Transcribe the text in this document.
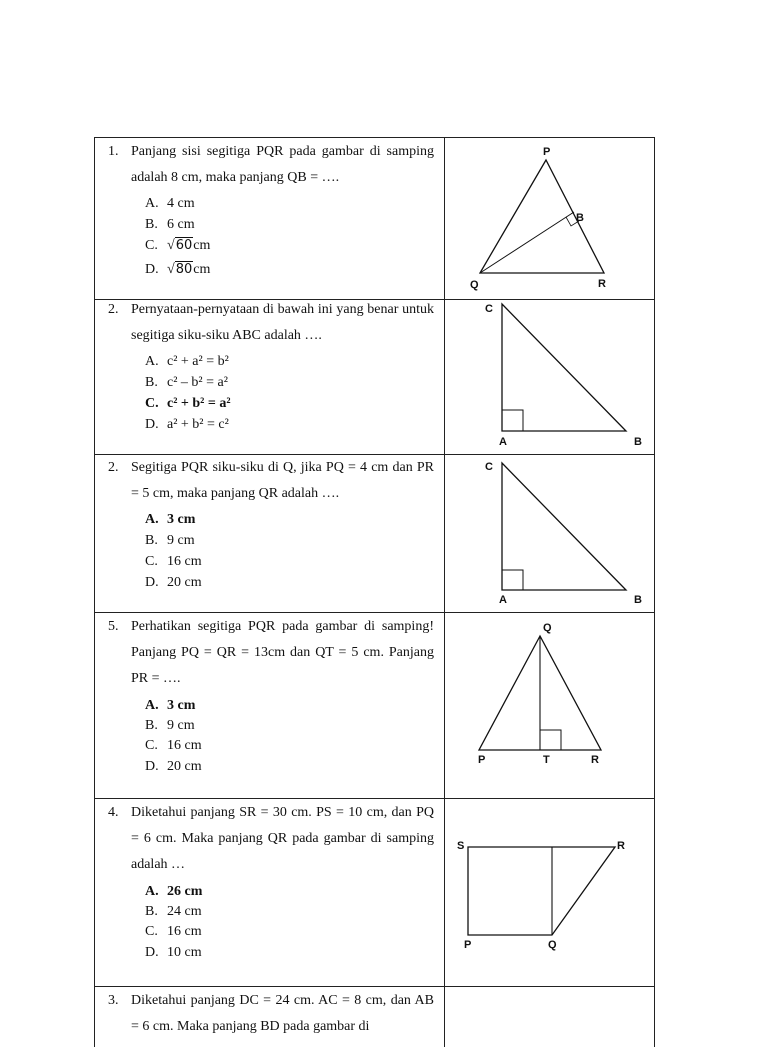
1. Panjang sisi segitiga PQR pada gambar di samping adalah 8 cm, maka panjang QB = ….
A. 4 cm
B. 6 cm
C. √60 cm
D. √80 cm
P
B
Q	R
2. Pernyataan-pernyataan di bawah ini yang benar untuk segitiga siku-siku ABC adalah ….
A. c² + a² = b²
B. c² – b² = a²
C. c² + b² = a²
D. a² + b² = c²
C
A	B
2. Segitiga PQR siku-siku di Q, jika PQ = 4 cm dan PR = 5 cm, maka panjang QR adalah ….
A. 3 cm
B. 9 cm
C. 16 cm
D. 20 cm
C
A	B
5. Perhatikan segitiga PQR pada gambar di samping! Panjang PQ = QR = 13cm dan QT = 5 cm. Panjang PR = ….
A. 3 cm
B. 9 cm
C. 16 cm
D. 20 cm
Q
P	T	R
4. Diketahui panjang SR = 30 cm. PS = 10 cm, dan PQ = 6 cm. Maka panjang QR pada gambar di samping adalah …
A. 26 cm
B. 24 cm
C. 16 cm
D. 10 cm
S	R
P	Q
3. Diketahui panjang DC = 24 cm. AC = 8 cm, dan AB = 6 cm. Maka panjang BD pada gambar di
